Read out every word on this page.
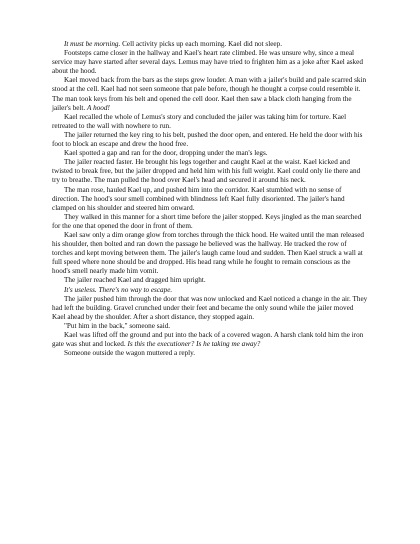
It must be morning. Cell activity picks up each morning. Kael did not sleep.

Footsteps came closer in the hallway and Kael's heart rate climbed. He was unsure why, since a meal service may have started after several days. Lemus may have tried to frighten him as a joke after Kael asked about the hood.

Kael moved back from the bars as the steps grew louder. A man with a jailer's build and pale scarred skin stood at the cell. Kael had not seen someone that pale before, though he thought a corpse could resemble it. The man took keys from his belt and opened the cell door. Kael then saw a black cloth hanging from the jailer's belt. A hood!

Kael recalled the whole of Lemus's story and concluded the jailer was taking him for torture. Kael retreated to the wall with nowhere to run.

The jailer returned the key ring to his belt, pushed the door open, and entered. He held the door with his foot to block an escape and drew the hood free.

Kael spotted a gap and ran for the door, dropping under the man's legs.

The jailer reacted faster. He brought his legs together and caught Kael at the waist. Kael kicked and twisted to break free, but the jailer dropped and held him with his full weight. Kael could only lie there and try to breathe. The man pulled the hood over Kael's head and secured it around his neck.

The man rose, hauled Kael up, and pushed him into the corridor. Kael stumbled with no sense of direction. The hood's sour smell combined with blindness left Kael fully disoriented. The jailer's hand clamped on his shoulder and steered him onward.

They walked in this manner for a short time before the jailer stopped. Keys jingled as the man searched for the one that opened the door in front of them.

Kael saw only a dim orange glow from torches through the thick hood. He waited until the man released his shoulder, then bolted and ran down the passage he believed was the hallway. He tracked the row of torches and kept moving between them. The jailer's laugh came loud and sudden. Then Kael struck a wall at full speed where none should be and dropped. His head rang while he fought to remain conscious as the hood's smell nearly made him vomit.

The jailer reached Kael and dragged him upright.

It's useless. There's no way to escape.

The jailer pushed him through the door that was now unlocked and Kael noticed a change in the air. They had left the building. Gravel crunched under their feet and became the only sound while the jailer moved Kael ahead by the shoulder. After a short distance, they stopped again.

"Put him in the back," someone said.

Kael was lifted off the ground and put into the back of a covered wagon. A harsh clank told him the iron gate was shut and locked. Is this the executioner? Is he taking me away?

Someone outside the wagon muttered a reply.
